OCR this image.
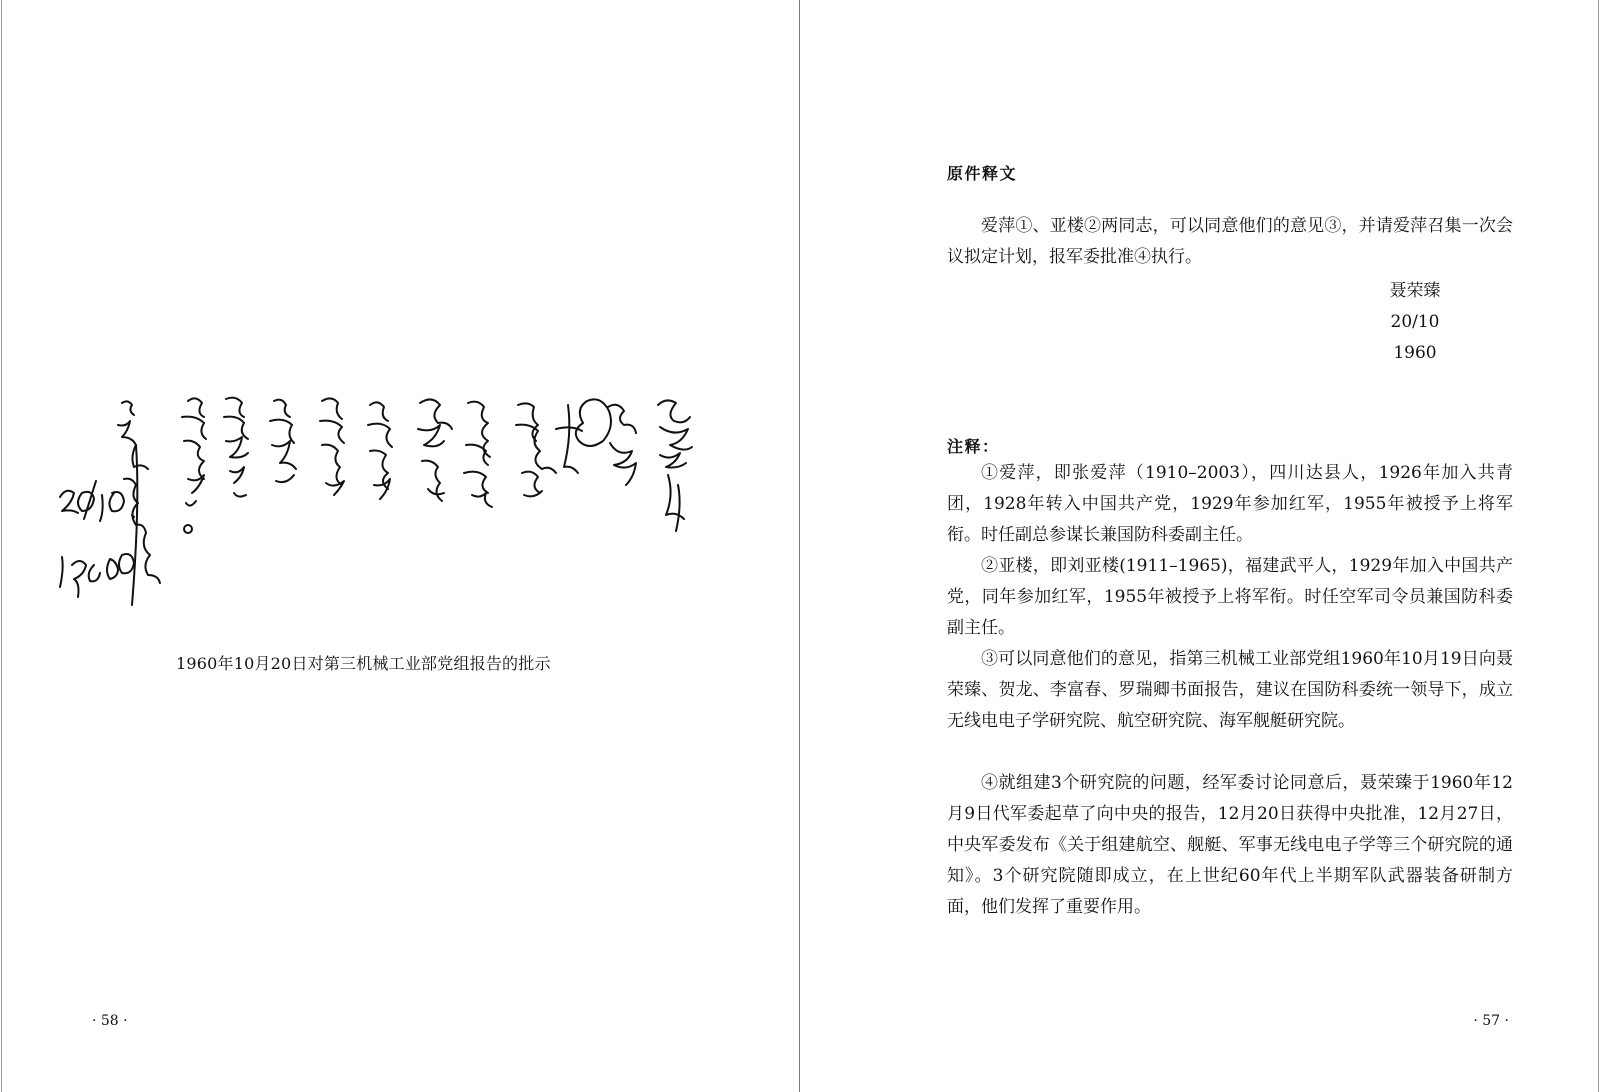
1960年10月20日对第三机械工业部党组报告的批示
· 58 ·
原件释文

爱萍①、亚楼②两同志，可以同意他们的意见③，并请爱萍召集一次会议拟定计划，报军委批准④执行。

聂荣臻
20/10
1960
注释：

①爱萍，即张爱萍（1910–2003），四川达县人，1926年加入共青团，1928年转入中国共产党，1929年参加红军，1955年被授予上将军衔。时任副总参谋长兼国防科委副主任。

②亚楼，即刘亚楼(1911–1965)，福建武平人，1929年加入中国共产党，同年参加红军，1955年被授予上将军衔。时任空军司令员兼国防科委副主任。

③可以同意他们的意见，指第三机械工业部党组1960年10月19日向聂荣臻、贺龙、李富春、罗瑞卿书面报告，建议在国防科委统一领导下，成立无线电电子学研究院、航空研究院、海军舰艇研究院。

④就组建3个研究院的问题，经军委讨论同意后，聂荣臻于1960年12月9日代军委起草了向中央的报告，12月20日获得中央批准，12月27日，中央军委发布《关于组建航空、舰艇、军事无线电电子学等三个研究院的通知》。3个研究院随即成立，在上世纪60年代上半期军队武器装备研制方面，他们发挥了重要作用。

· 57 ·
